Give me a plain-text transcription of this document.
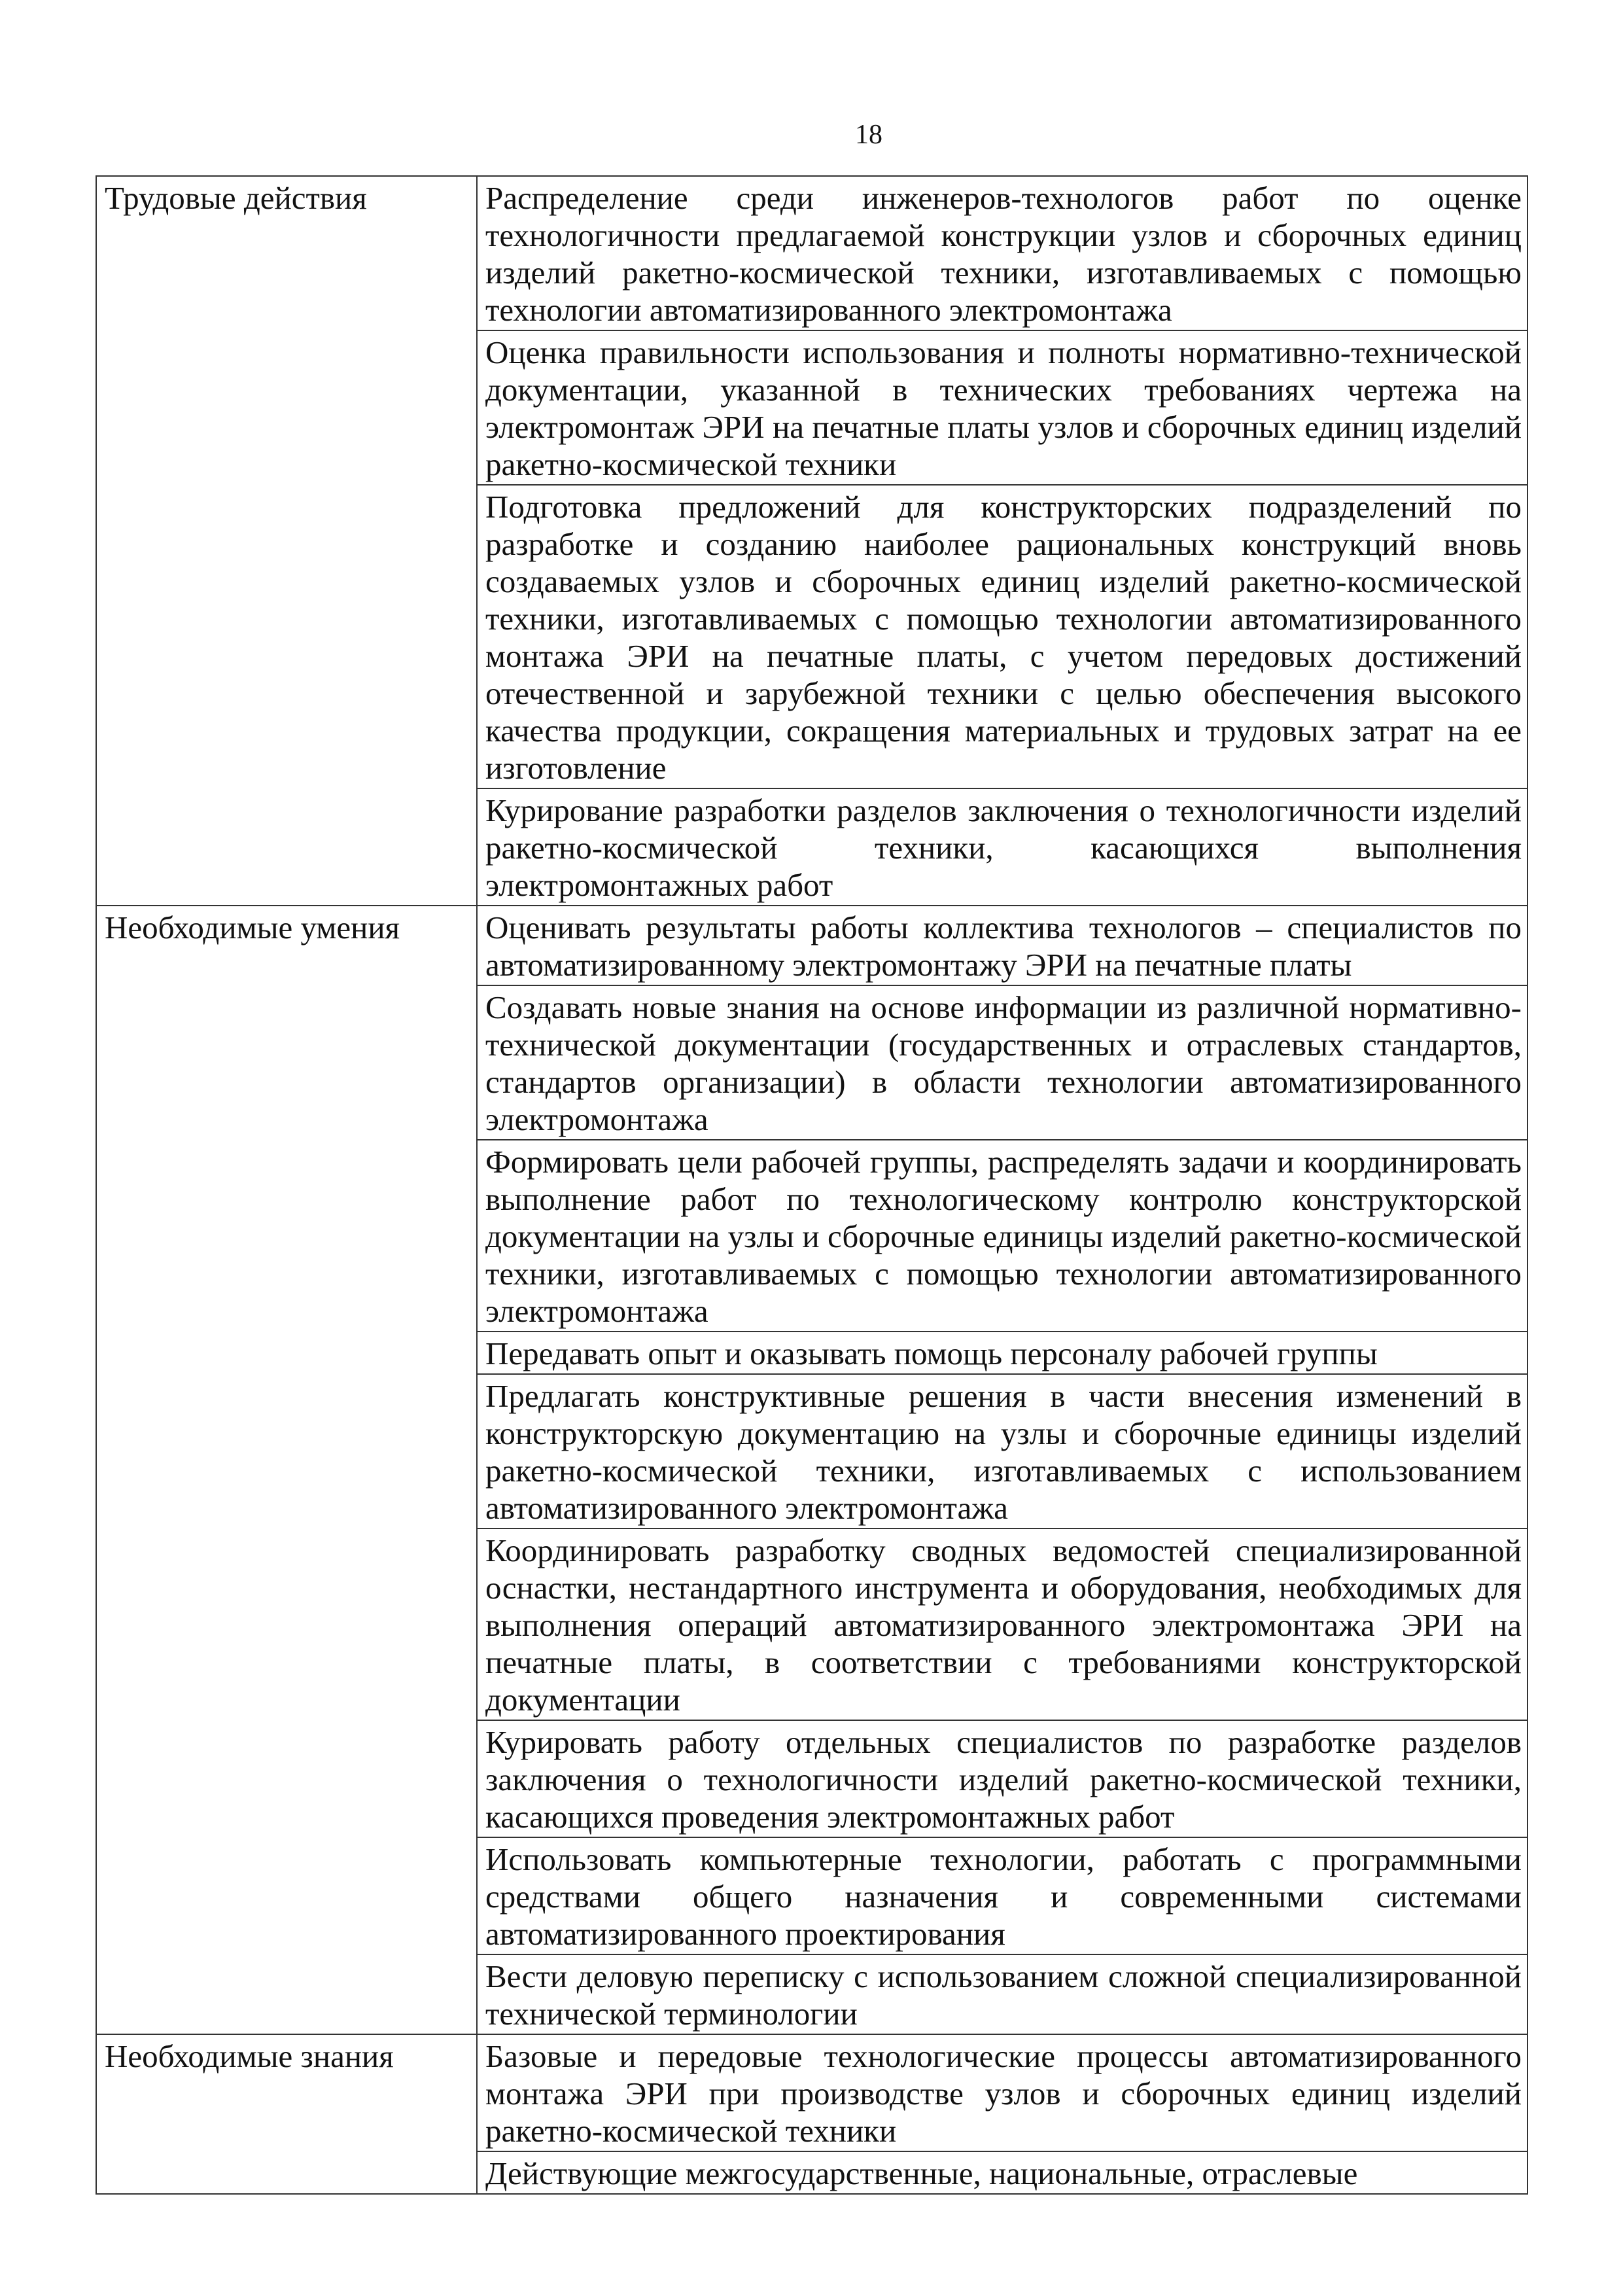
18
Трудовые действия	Распределение среди инженеров-технологов работ по оценке технологичности предлагаемой конструкции узлов и сборочных единиц изделий ракетно-космической техники, изготавливаемых с помощью технологии автоматизированного электромонтажа
	Оценка правильности использования и полноты нормативно-технической документации, указанной в технических требованиях чертежа на электромонтаж ЭРИ на печатные платы узлов и сборочных единиц изделий ракетно-космической техники
	Подготовка предложений для конструкторских подразделений по разработке и созданию наиболее рациональных конструкций вновь создаваемых узлов и сборочных единиц изделий ракетно-космической техники, изготавливаемых с помощью технологии автоматизированного монтажа ЭРИ на печатные платы, с учетом передовых достижений отечественной и зарубежной техники с целью обеспечения высокого качества продукции, сокращения материальных и трудовых затрат на ее изготовление
	Курирование разработки разделов заключения о технологичности изделий ракетно-космической техники, касающихся выполнения электромонтажных работ
Необходимые умения	Оценивать результаты работы коллектива технологов – специалистов по автоматизированному электромонтажу ЭРИ на печатные платы
	Создавать новые знания на основе информации из различной нормативно-технической документации (государственных и отраслевых стандартов, стандартов организации) в области технологии автоматизированного электромонтажа
	Формировать цели рабочей группы, распределять задачи и координировать выполнение работ по технологическому контролю конструкторской документации на узлы и сборочные единицы изделий ракетно-космической техники, изготавливаемых с помощью технологии автоматизированного электромонтажа
	Передавать опыт и оказывать помощь персоналу рабочей группы
	Предлагать конструктивные решения в части внесения изменений в конструкторскую документацию на узлы и сборочные единицы изделий ракетно-космической техники, изготавливаемых с использованием автоматизированного электромонтажа
	Координировать разработку сводных ведомостей специализированной оснастки, нестандартного инструмента и оборудования, необходимых для выполнения операций автоматизированного электромонтажа ЭРИ на печатные платы, в соответствии с требованиями конструкторской документации
	Курировать работу отдельных специалистов по разработке разделов заключения о технологичности изделий ракетно-космической техники, касающихся проведения электромонтажных работ
	Использовать компьютерные технологии, работать с программными средствами общего назначения и современными системами автоматизированного проектирования
	Вести деловую переписку с использованием сложной специализированной технической терминологии
Необходимые знания	Базовые и передовые технологические процессы автоматизированного монтажа ЭРИ при производстве узлов и сборочных единиц изделий ракетно-космической техники
	Действующие межгосударственные, национальные, отраслевые
